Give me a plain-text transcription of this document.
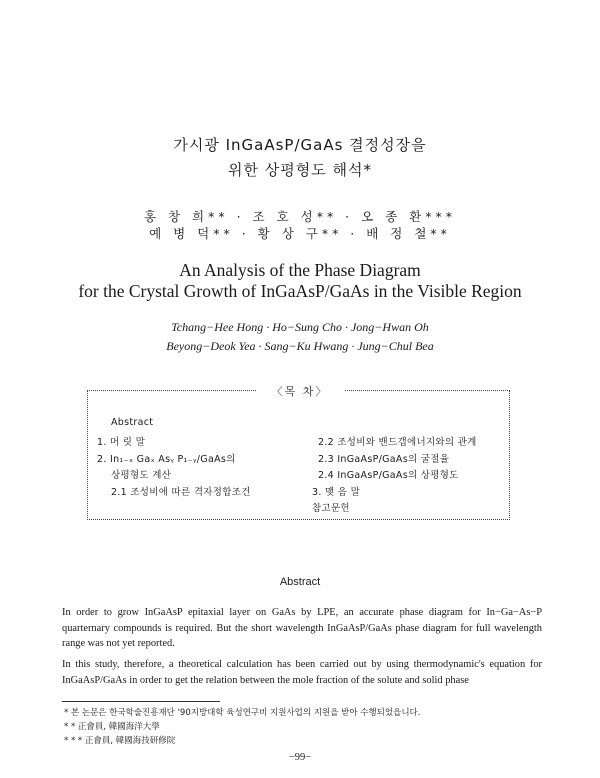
가시광 InGaAsP/GaAs 결정성장을
위한 상평형도 해석*
홍 창 희** · 조 호 성** · 오 종 환***
예 병 덕** · 황 상 구** · 배 정 철**
An Analysis of the Phase Diagram
for the Crystal Growth of InGaAsP/GaAs in the Visible Region
Tchang−Hee Hong · Ho−Sung Cho · Jong−Hwan Oh
Beyong−Deok Yea · Sang−Ku Hwang · Jung−Chul Bea
〈목 차〉
Abstract
1. 머 릿 말
2. In₁₋ₓ Gaₓ Asᵧ P₁₋ᵧ/GaAs의
상평형도 계산
2.1 조성비에 따른 격자정합조건
2.2 조성비와 밴드갭에너지와의 관계
2.3 InGaAsP/GaAs의 굴절율
2.4 InGaAsP/GaAs의 상평형도
3. 맺 음 말
참고문헌
Abstract
In order to grow InGaAsP epitaxial layer on GaAs by LPE, an accurate phase diagram for In−Ga−As−P quarternary compounds is required. But the short wavelength InGaAsP/GaAs phase diagram for full wavelength range was not yet reported.
In this study, therefore, a theoretical calculation has been carried out by using thermodynamic's equation for InGaAsP/GaAs in order to get the relation between the mole fraction of the solute and solid phase
* 본 논문은 한국학술진흥재단 '90지방대학 육성연구비 지원사업의 지원을 받아 수행되었읍니다.
* * 正會員, 韓國海洋大學
* * * 正會員, 韓國海技研修院
−99−
